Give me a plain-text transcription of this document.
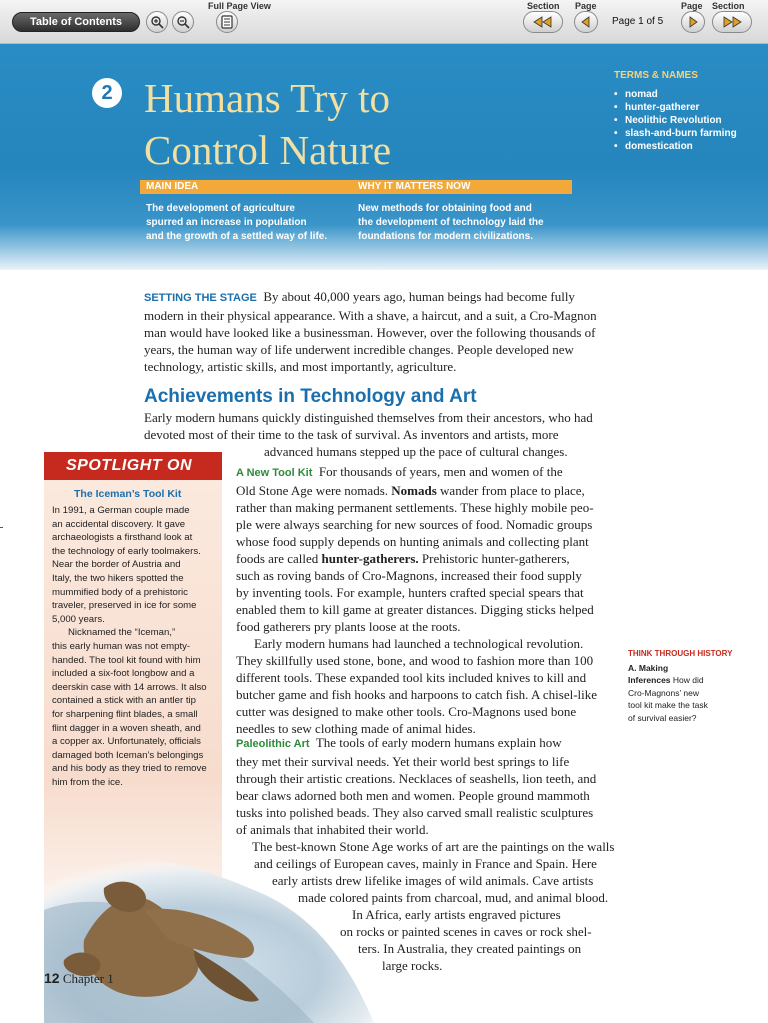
Table of Contents
Full Page View	Section Page	Page Section
Page 1 of 5
2 Humans Try to
Control Nature
MAIN IDEA	WHY IT MATTERS NOW
The development of agriculture
spurred an increase in population
and the growth of a settled way of life.
New methods for obtaining food and
the development of technology laid the
foundations for modern civilizations.
TERMS & NAMES
• nomad
• hunter-gatherer
• Neolithic Revolution
• slash-and-burn farming
• domestication
SETTING THE STAGE By about 40,000 years ago, human beings had become fully
modern in their physical appearance. With a shave, a haircut, and a suit, a Cro-Magnon
man would have looked like a businessman. However, over the following thousands of
years, the human way of life underwent incredible changes. People developed new
technology, artistic skills, and most importantly, agriculture.
Achievements in Technology and Art
Early modern humans quickly distinguished themselves from their ancestors, who had
devoted most of their time to the task of survival. As inventors and artists, more
advanced humans stepped up the pace of cultural changes.
A New Tool Kit For thousands of years, men and women of the
Old Stone Age were nomads. Nomads wander from place to place,
rather than making permanent settlements. These highly mobile peo-
ple were always searching for new sources of food. Nomadic groups
whose food supply depends on hunting animals and collecting plant
foods are called hunter-gatherers. Prehistoric hunter-gatherers,
such as roving bands of Cro-Magnons, increased their food supply
by inventing tools. For example, hunters crafted special spears that
enabled them to kill game at greater distances. Digging sticks helped
food gatherers pry plants loose at the roots.
Early modern humans had launched a technological revolution.
They skillfully used stone, bone, and wood to fashion more than 100
different tools. These expanded tool kits included knives to kill and
butcher game and fish hooks and harpoons to catch fish. A chisel-like
cutter was designed to make other tools. Cro-Magnons used bone
needles to sew clothing made of animal hides.
Paleolithic Art The tools of early modern humans explain how
they met their survival needs. Yet their world best springs to life
through their artistic creations. Necklaces of seashells, lion teeth, and
bear claws adorned both men and women. People ground mammoth
tusks into polished beads. They also carved small realistic sculptures
of animals that inhabited their world.
The best-known Stone Age works of art are the paintings on the walls
and ceilings of European caves, mainly in France and Spain. Here
early artists drew lifelike images of wild animals. Cave artists
made colored paints from charcoal, mud, and animal blood.
In Africa, early artists engraved pictures
on rocks or painted scenes in caves or rock shel-
ters. In Australia, they created paintings on
large rocks.
SPOTLIGHT ON
The Iceman’s Tool Kit
In 1991, a German couple made
an accidental discovery. It gave
archaeologists a firsthand look at
the technology of early toolmakers.
Near the border of Austria and
Italy, the two hikers spotted the
mummified body of a prehistoric
traveler, preserved in ice for some
5,000 years.
Nicknamed the “Iceman,”
this early human was not empty-
handed. The tool kit found with him
included a six-foot longbow and a
deerskin case with 14 arrows. It also
contained a stick with an antler tip
for sharpening flint blades, a small
flint dagger in a woven sheath, and
a copper ax. Unfortunately, officials
damaged both Iceman’s belongings
and his body as they tried to remove
him from the ice.
THINK THROUGH HISTORY
A. Making
Inferences How did
Cro-Magnons’ new
tool kit make the task
of survival easier?
12 Chapter 1
